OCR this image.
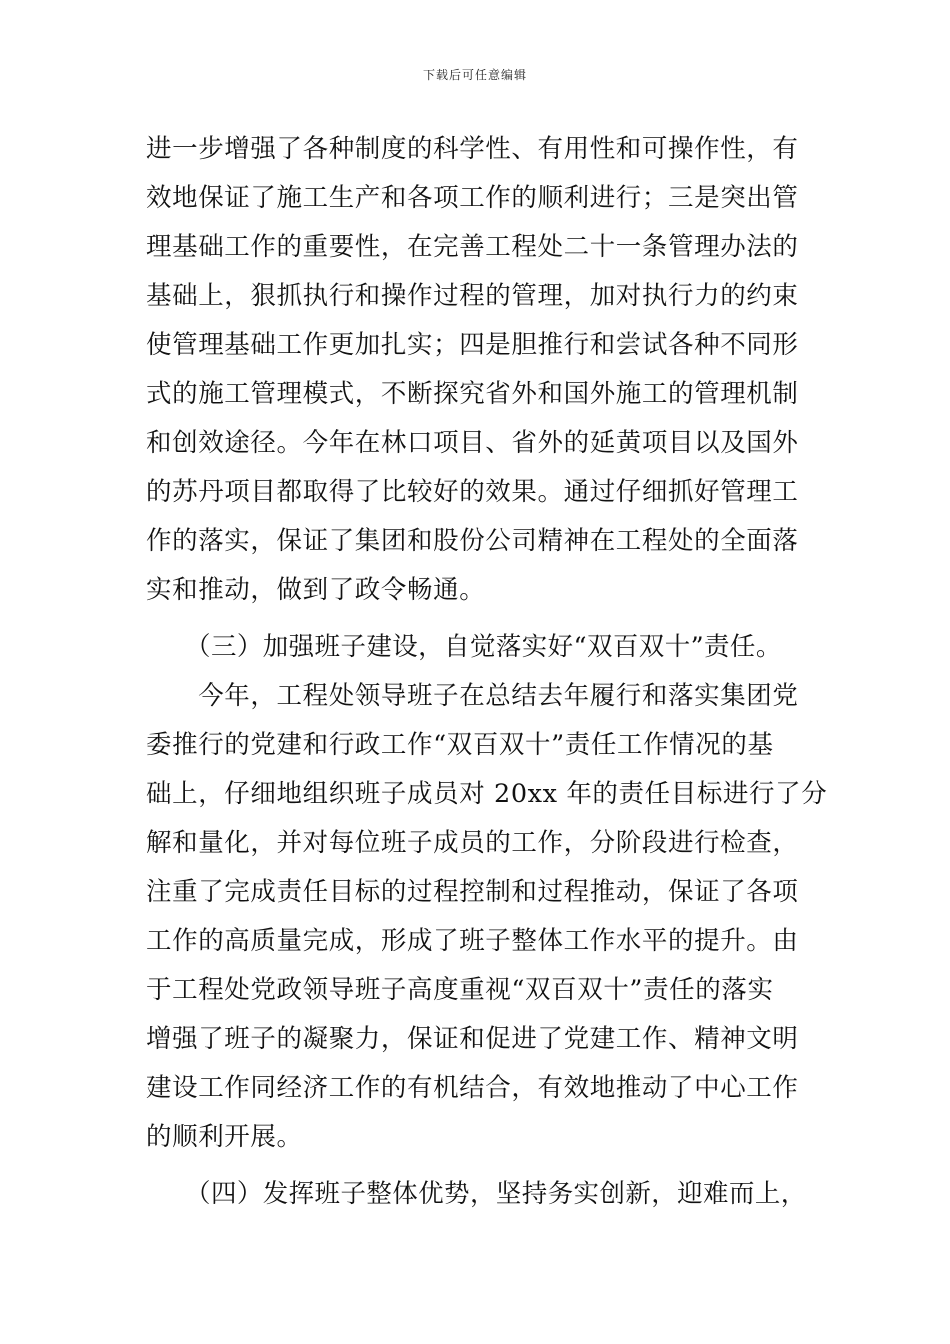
下载后可任意编辑
进一步增强了各种制度的科学性、有用性和可操作性，有
效地保证了施工生产和各项工作的顺利进行；三是突出管
理基础工作的重要性，在完善工程处二十一条管理办法的
基础上，狠抓执行和操作过程的管理，加对执行力的约束
使管理基础工作更加扎实；四是胆推行和尝试各种不同形
式的施工管理模式，不断探究省外和国外施工的管理机制
和创效途径。今年在林口项目、省外的延黄项目以及国外
的苏丹项目都取得了比较好的效果。通过仔细抓好管理工
作的落实，保证了集团和股份公司精神在工程处的全面落
实和推动，做到了政令畅通。
　　（三）加强班子建设，自觉落实好“双百双十”责任。
　　今年，工程处领导班子在总结去年履行和落实集团党
委推行的党建和行政工作“双百双十”责任工作情况的基
础上，仔细地组织班子成员对 20xx 年的责任目标进行了分
解和量化，并对每位班子成员的工作，分阶段进行检查，
注重了完成责任目标的过程控制和过程推动，保证了各项
工作的高质量完成，形成了班子整体工作水平的提升。由
于工程处党政领导班子高度重视“双百双十”责任的落实
增强了班子的凝聚力，保证和促进了党建工作、精神文明
建设工作同经济工作的有机结合，有效地推动了中心工作
的顺利开展。
　　（四）发挥班子整体优势，坚持务实创新，迎难而上，
